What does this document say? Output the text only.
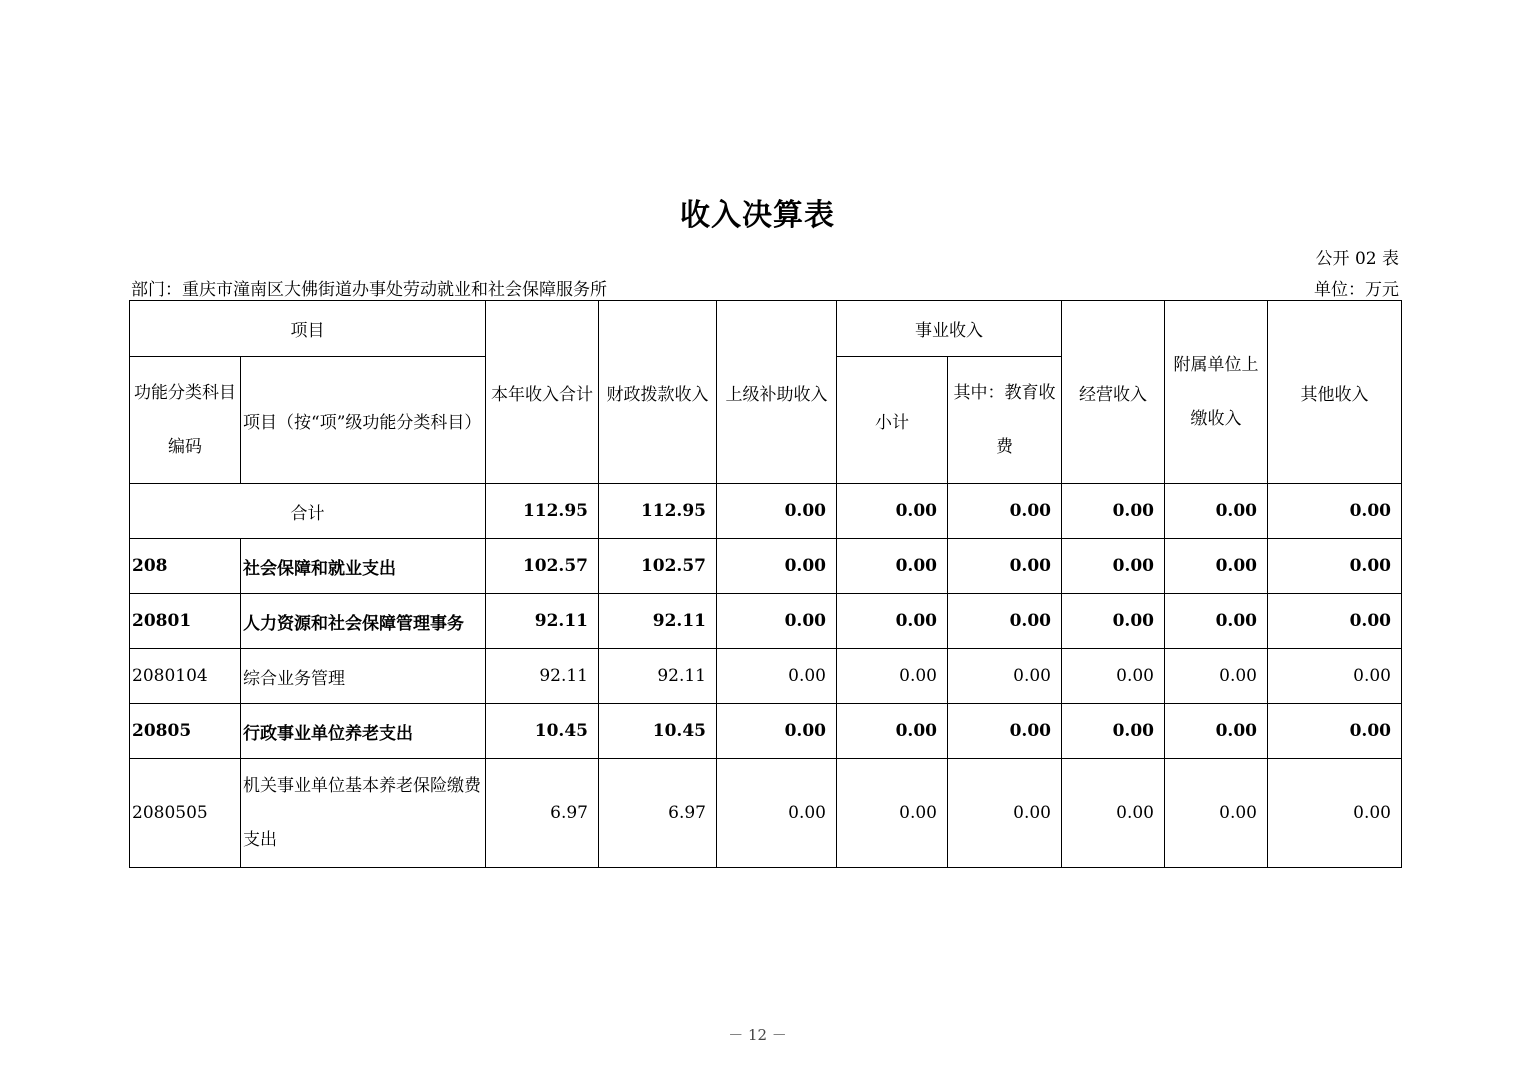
收入决算表
公开 02 表
部门：重庆市潼南区大佛街道办事处劳动就业和社会保障服务所	单位：万元
项目		本年收入合计	财政拨款收入	上级补助收入	事业收入		经营收入	附属单位上缴收入	其他收入
功能分类科目编码	项目（按“项”级功能分类科目）				小计	其中：教育收费			
合计		112.95	112.95	0.00	0.00	0.00	0.00	0.00	0.00
208	社会保障和就业支出	102.57	102.57	0.00	0.00	0.00	0.00	0.00	0.00
20801	人力资源和社会保障管理事务	92.11	92.11	0.00	0.00	0.00	0.00	0.00	0.00
2080104	综合业务管理	92.11	92.11	0.00	0.00	0.00	0.00	0.00	0.00
20805	行政事业单位养老支出	10.45	10.45	0.00	0.00	0.00	0.00	0.00	0.00
2080505	机关事业单位基本养老保险缴费支出	6.97	6.97	0.00	0.00	0.00	0.00	0.00	0.00
－ 12 －
